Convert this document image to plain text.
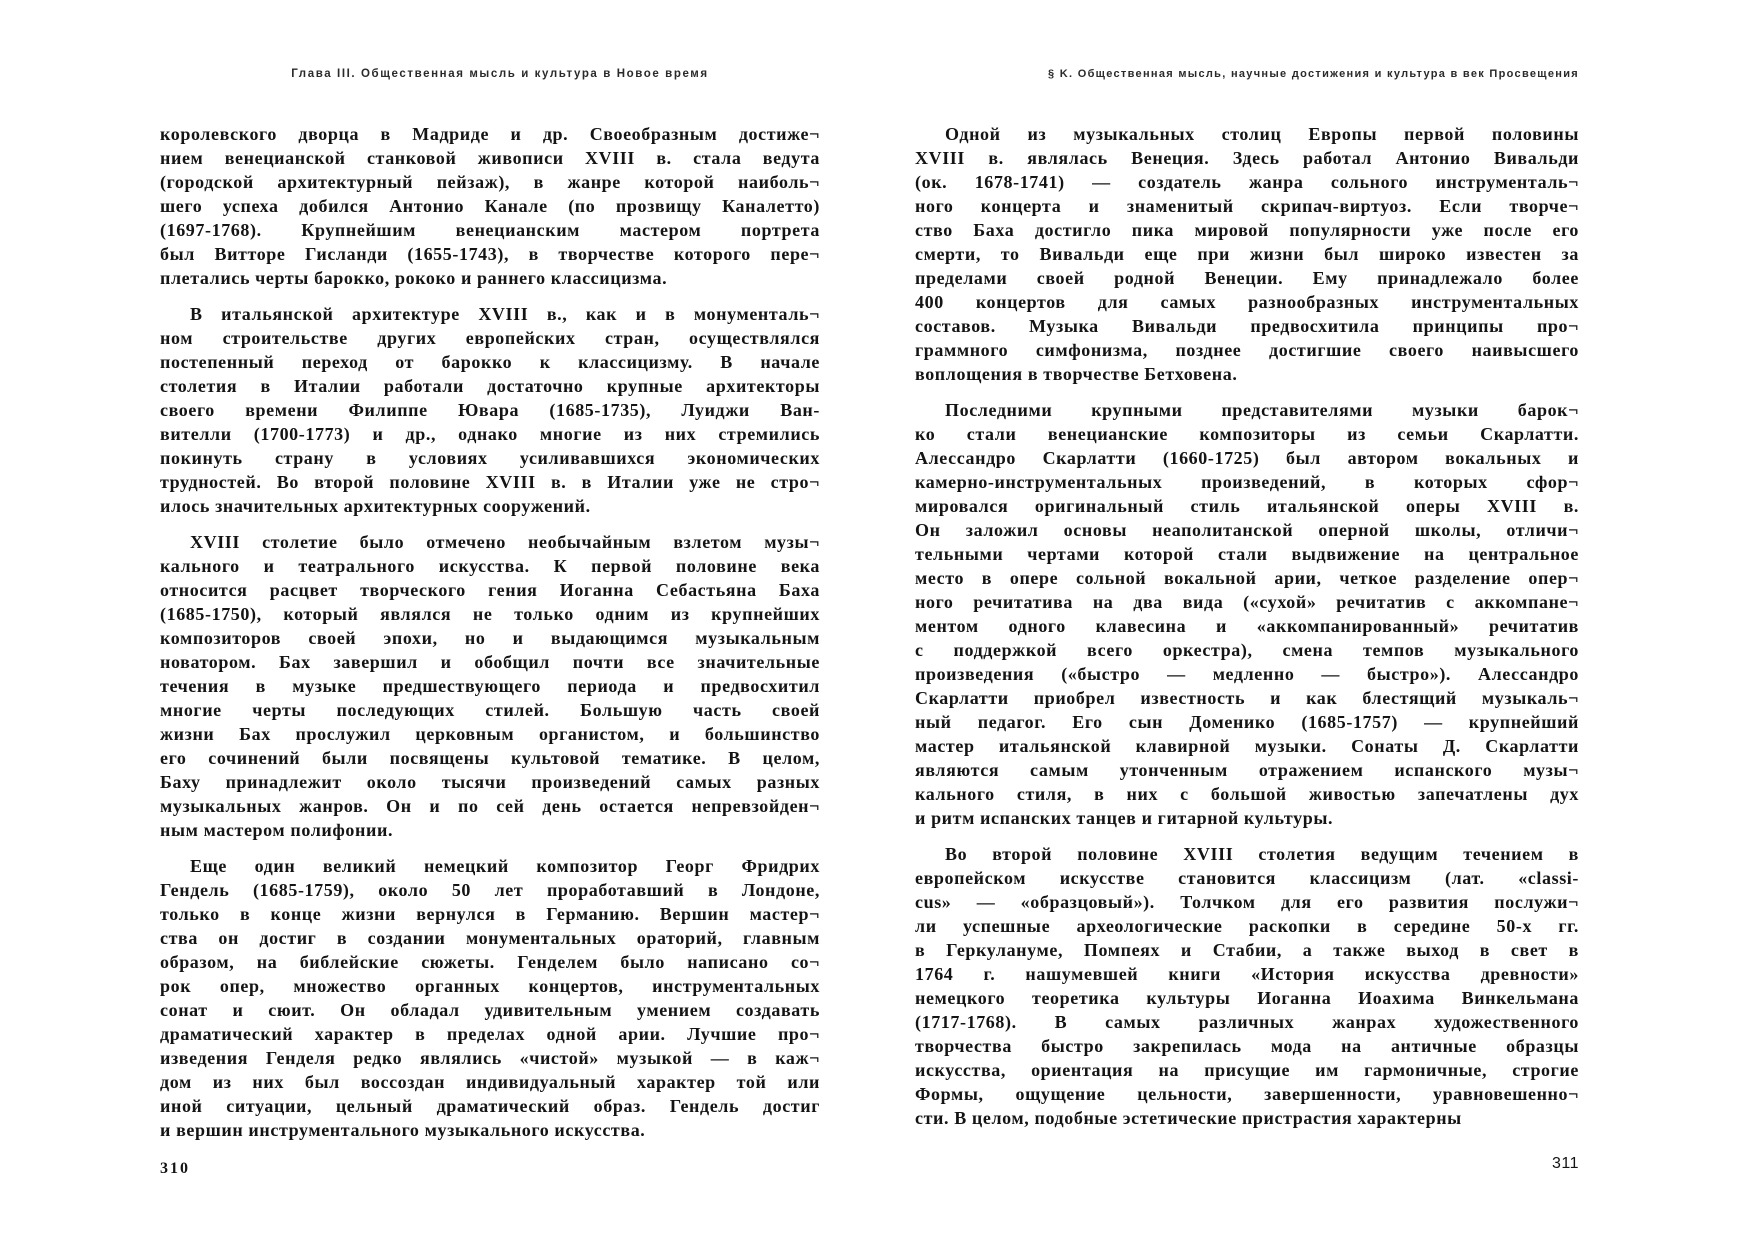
Глава III. Общественная мысль и культура в Новое время

королевского дворца в Мадриде и др. Своеобразным достиже¬
нием венецианской станковой живописи XVIII в. стала ведута
(городской архитектурный пейзаж), в жанре которой наиболь¬
шего успеха добился Антонио Канале (по прозвищу Каналетто)
(1697-1768). Крупнейшим венецианским мастером портрета
был Витторе Гисланди (1655-1743), в творчестве которого пере¬
плетались черты барокко, рококо и раннего классицизма.

В итальянской архитектуре XVIII в., как и в монументаль¬
ном строительстве других европейских стран, осуществлялся
постепенный переход от барокко к классицизму. В начале
столетия в Италии работали достаточно крупные архитекторы
своего времени Филиппе Ювара (1685-1735), Луиджи Ван-
вителли (1700-1773) и др., однако многие из них стремились
покинуть страну в условиях усиливавшихся экономических
трудностей. Во второй половине XVIII в. в Италии уже не стро¬
илось значительных архитектурных сооружений.

XVIII столетие было отмечено необычайным взлетом музы¬
кального и театрального искусства. К первой половине века
относится расцвет творческого гения Иоганна Себастьяна Баха
(1685-1750), который являлся не только одним из крупнейших
композиторов своей эпохи, но и выдающимся музыкальным
новатором. Бах завершил и обобщил почти все значительные
течения в музыке предшествующего периода и предвосхитил
многие черты последующих стилей. Большую часть своей
жизни Бах прослужил церковным органистом, и большинство
его сочинений были посвящены культовой тематике. В целом,
Баху принадлежит около тысячи произведений самых разных
музыкальных жанров. Он и по сей день остается непревзойден¬
ным мастером полифонии.

Еще один великий немецкий композитор Георг Фридрих
Гендель (1685-1759), около 50 лет проработавший в Лондоне,
только в конце жизни вернулся в Германию. Вершин мастер¬
ства он достиг в создании монументальных ораторий, главным
образом, на библейские сюжеты. Генделем было написано со¬
рок опер, множество органных концертов, инструментальных
сонат и сюит. Он обладал удивительным умением создавать
драматический характер в пределах одной арии. Лучшие про¬
изведения Генделя редко являлись «чистой» музыкой — в каж¬
дом из них был воссоздан индивидуальный характер той или
иной ситуации, цельный драматический образ. Гендель достиг
и вершин инструментального музыкального искусства.

310
§ K. Общественная мысль, научные достижения и культура в век Просвещения

Одной из музыкальных столиц Европы первой половины
XVIII в. являлась Венеция. Здесь работал Антонио Вивальди
(ок. 1678-1741) — создатель жанра сольного инструменталь¬
ного концерта и знаменитый скрипач-виртуоз. Если творче¬
ство Баха достигло пика мировой популярности уже после его
смерти, то Вивальди еще при жизни был широко известен за
пределами своей родной Венеции. Ему принадлежало более
400 концертов для самых разнообразных инструментальных
составов. Музыка Вивальди предвосхитила принципы про¬
граммного симфонизма, позднее достигшие своего наивысшего
воплощения в творчестве Бетховена.

Последними крупными представителями музыки барок¬
ко стали венецианские композиторы из семьи Скарлатти.
Алессандро Скарлатти (1660-1725) был автором вокальных и
камерно-инструментальных произведений, в которых сфор¬
мировался оригинальный стиль итальянской оперы XVIII в.
Он заложил основы неаполитанской оперной школы, отличи¬
тельными чертами которой стали выдвижение на центральное
место в опере сольной вокальной арии, четкое разделение опер¬
ного речитатива на два вида («сухой» речитатив с аккомпане¬
ментом одного клавесина и «аккомпанированный» речитатив
с поддержкой всего оркестра), смена темпов музыкального
произведения («быстро — медленно — быстро»). Алессандро
Скарлатти приобрел известность и как блестящий музыкаль¬
ный педагог. Его сын Доменико (1685-1757) — крупнейший
мастер итальянской клавирной музыки. Сонаты Д. Скарлатти
являются самым утонченным отражением испанского музы¬
кального стиля, в них с большой живостью запечатлены дух
и ритм испанских танцев и гитарной культуры.

Во второй половине XVIII столетия ведущим течением в
европейском искусстве становится классицизм (лат. «classi-
cus» — «образцовый»). Толчком для его развития послужи¬
ли успешные археологические раскопки в середине 50-х гг.
в Геркулануме, Помпеях и Стабии, а также выход в свет в
1764 г. нашумевшей книги «История искусства древности»
немецкого теоретика культуры Иоганна Иоахима Винкельмана
(1717-1768). В самых различных жанрах художественного
творчества быстро закрепилась мода на античные образцы
искусства, ориентация на присущие им гармоничные, строгие
Формы, ощущение цельности, завершенности, уравновешенно¬
сти. В целом, подобные эстетические пристрастия характерны

311
